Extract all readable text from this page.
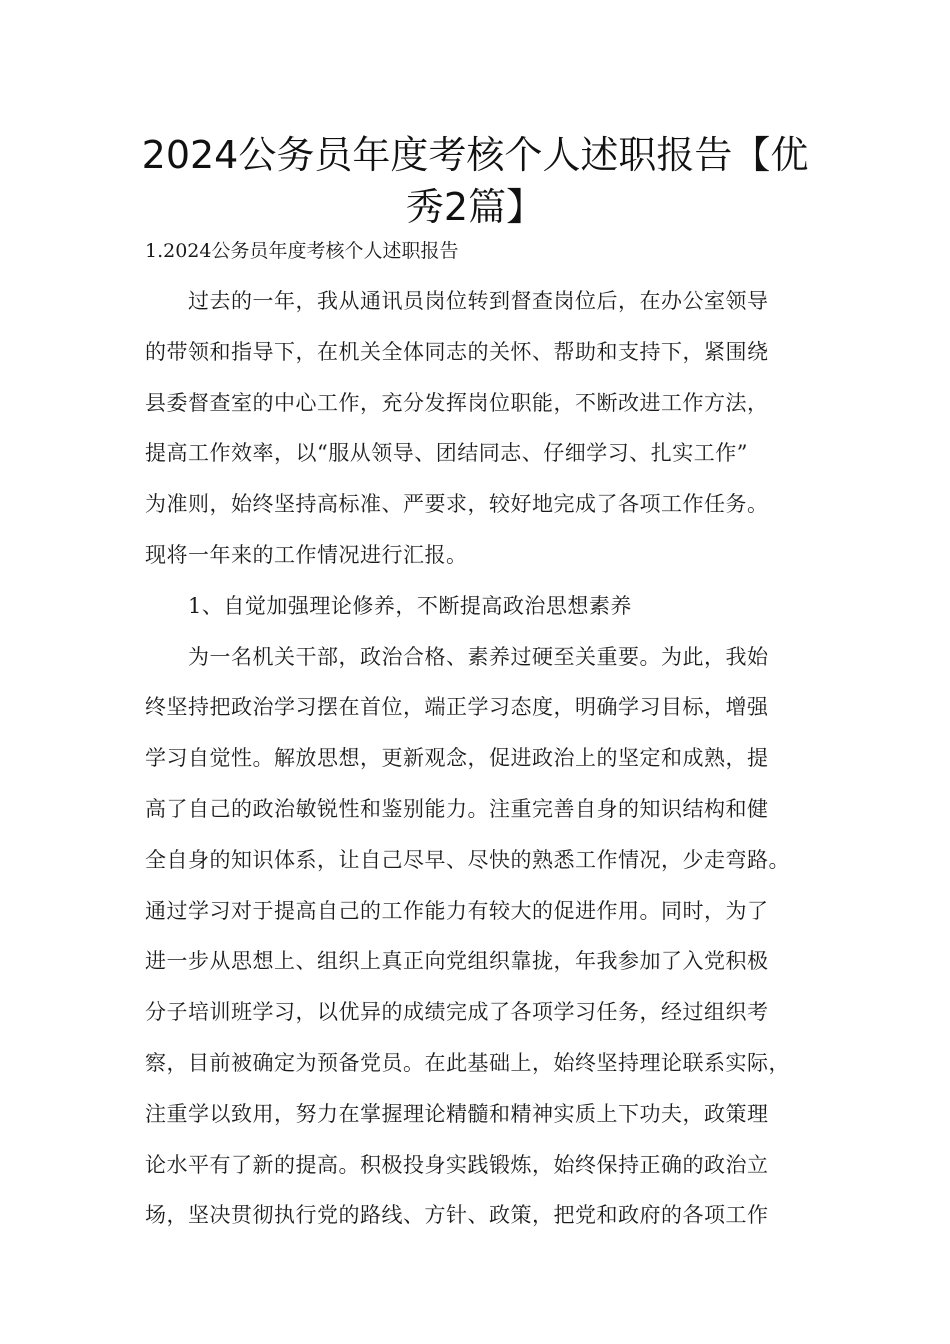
2024公务员年度考核个人述职报告【优
秀2篇】

1.2024公务员年度考核个人述职报告

过去的一年，我从通讯员岗位转到督查岗位后，在办公室领导

的带领和指导下，在机关全体同志的关怀、帮助和支持下，紧围绕

县委督查室的中心工作，充分发挥岗位职能，不断改进工作方法，

提高工作效率，以“服从领导、团结同志、仔细学习、扎实工作”

为准则，始终坚持高标准、严要求，较好地完成了各项工作任务。

现将一年来的工作情况进行汇报。

1、自觉加强理论修养，不断提高政治思想素养

为一名机关干部，政治合格、素养过硬至关重要。为此，我始

终坚持把政治学习摆在首位，端正学习态度，明确学习目标，增强

学习自觉性。解放思想，更新观念，促进政治上的坚定和成熟，提

高了自己的政治敏锐性和鉴别能力。注重完善自身的知识结构和健

全自身的知识体系，让自己尽早、尽快的熟悉工作情况，少走弯路。

通过学习对于提高自己的工作能力有较大的促进作用。同时，为了

进一步从思想上、组织上真正向党组织靠拢，年我参加了入党积极

分子培训班学习，以优异的成绩完成了各项学习任务，经过组织考

察，目前被确定为预备党员。在此基础上，始终坚持理论联系实际，

注重学以致用，努力在掌握理论精髓和精神实质上下功夫，政策理

论水平有了新的提高。积极投身实践锻炼，始终保持正确的政治立

场，坚决贯彻执行党的路线、方针、政策，把党和政府的各项工作
